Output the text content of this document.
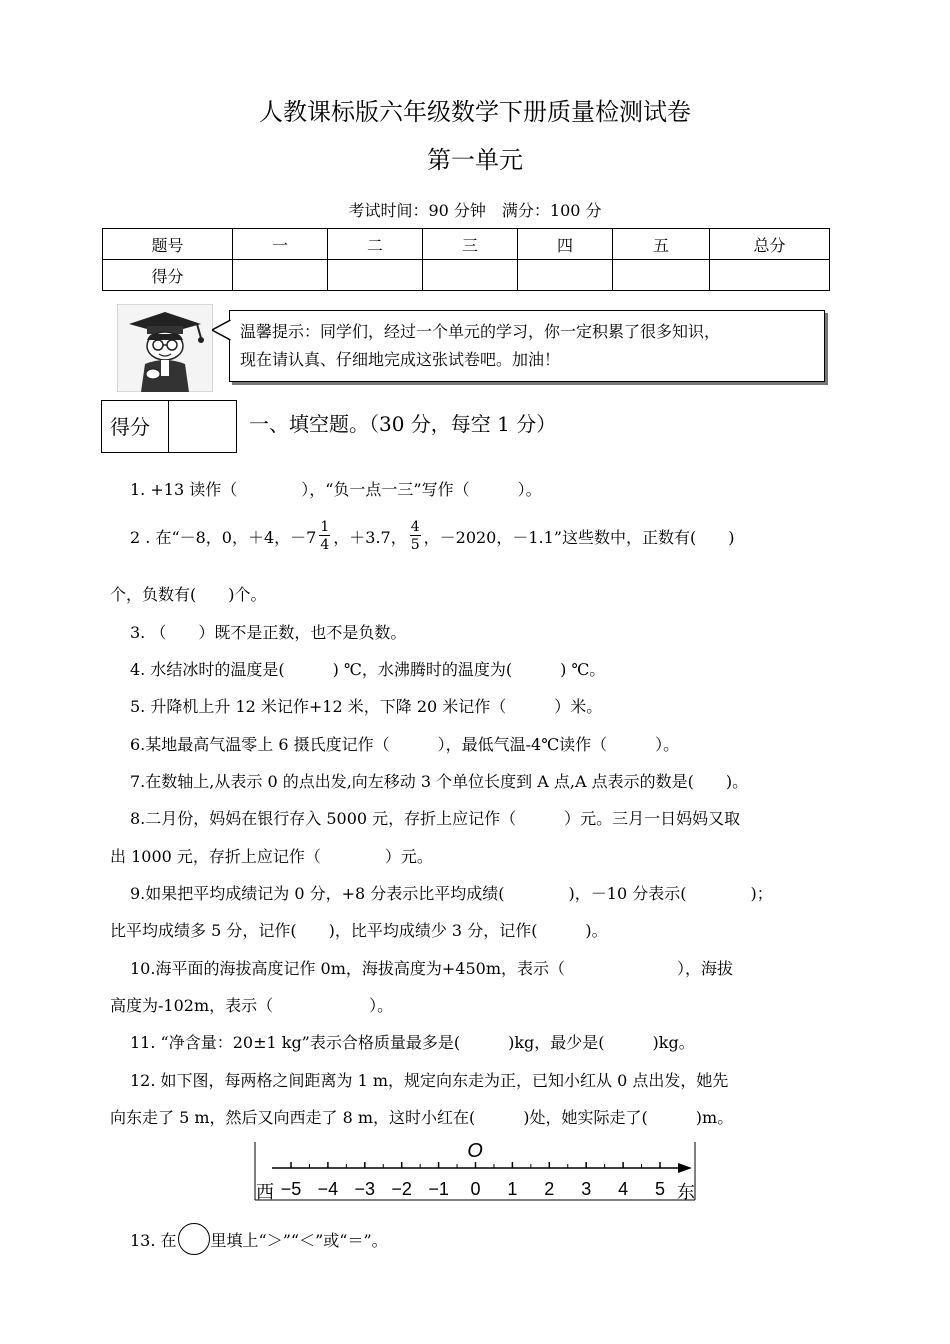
人教课标版六年级数学下册质量检测试卷
第一单元
考试时间：90 分钟　满分：100 分
题号	一	二	三	四	五	总分
得分						
温馨提示：同学们，经过一个单元的学习，你一定积累了很多知识，
现在请认真、仔细地完成这张试卷吧。加油！
得分	一、填空题。（30 分，每空 1 分）
1. +13 读作（　　　　），“负一点一三”写作（　　　）。
2 . 在“－8，0，＋4，$-7 \frac{1}{4}$ ，＋3.7， $\frac{4}{5}$ ，－2020，－1.1”这些数中，正数有(　　)
个，负数有(　　)个。
3. （　　）既不是正数，也不是负数。
4. 水结冰时的温度是(　　　) ℃，水沸腾时的温度为(　　　) ℃。
5. 升降机上升 12 米记作+12 米，下降 20 米记作（　　　）米。
6.某地最高气温零上 6 摄氏度记作（　　　），最低气温-4℃读作（　　　）。
7.在数轴上,从表示 0 的点出发,向左移动 3 个单位长度到 A 点,A 点表示的数是(　　)。
8.二月份，妈妈在银行存入 5000 元，存折上应记作（　　　）元。三月一日妈妈又取
出 1000 元，存折上应记作（　　　　）元。
9.如果把平均成绩记为 0 分，+8 分表示比平均成绩(　　　　)，－10 分表示(　　　　)；
比平均成绩多 5 分，记作(　　)，比平均成绩少 3 分，记作(　　　)。
10.海平面的海拔高度记作 0m，海拔高度为+450m，表示（　　　　　　　），海拔
高度为-102m，表示（　　　　　　）。
11. “净含量：20±1 kg”表示合格质量最多是(　　　)kg，最少是(　　　)kg。
12. 如下图，每两格之间距离为 1 m，规定向东走为正，已知小红从 0 点出发，她先
向东走了 5 m，然后又向西走了 8 m，这时小红在(　　　)处，她实际走了(　　　)m。
O
西	东
−5 −4 −3 −2 −1 0 1 2 3 4 5
13. 在 里填上“＞”“＜”或“＝”。
